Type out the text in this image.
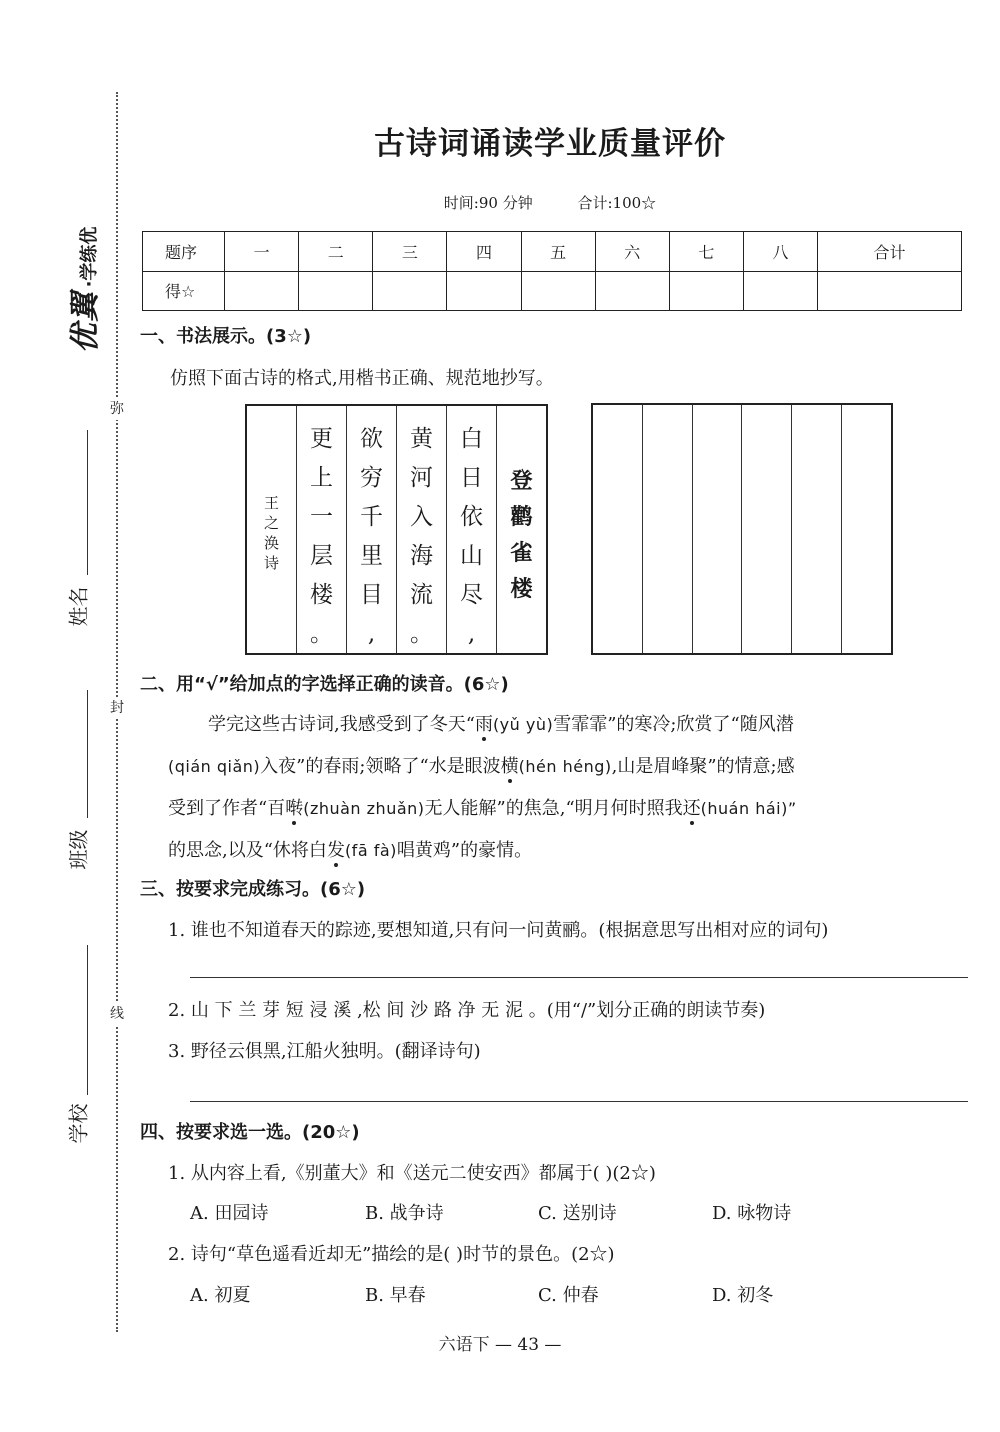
弥
封
线
优翼·学练优
姓名
班级
学校
古诗词诵读学业质量评价
时间:90 分钟	合计:100☆
题序	一	二	三	四	五	六	七	八	合计
得☆									
一、书法展示。(3☆)
仿照下面古诗的格式,用楷书正确、规范地抄写。
登
鹳
雀
楼
白
日
依
山
尽
,
黄
河
入
海
流
。
欲
穷
千
里
目
,
更
上
一
层
楼
。
王
之
涣
诗
二、用“√”给加点的字选择正确的读音。(6☆)
学完这些古诗词,我感受到了冬天“雨(yǔ yù)雪霏霏”的寒冷;欣赏了“随风潜
(qián qiǎn)入夜”的春雨;领略了“水是眼波横(hén héng),山是眉峰聚”的情意;感
受到了作者“百啭(zhuàn zhuǎn)无人能解”的焦急,“明月何时照我还(huán hái)”
的思念,以及“休将白发(fā fà)唱黄鸡”的豪情。
三、按要求完成练习。(6☆)
1. 谁也不知道春天的踪迹,要想知道,只有问一问黄鹂。(根据意思写出相对应的词句)
2. 山 下 兰 芽 短 浸 溪 ,松 间 沙 路 净 无 泥 。(用“/”划分正确的朗读节奏)
3. 野径云俱黑,江船火独明。(翻译诗句)
四、按要求选一选。(20☆)
1. 从内容上看,《别董大》和《送元二使安西》都属于( )(2☆)
A. 田园诗	B. 战争诗	C. 送别诗	D. 咏物诗
2. 诗句“草色遥看近却无”描绘的是( )时节的景色。(2☆)
A. 初夏	B. 早春	C. 仲春	D. 初冬
六语下 — 43 —
